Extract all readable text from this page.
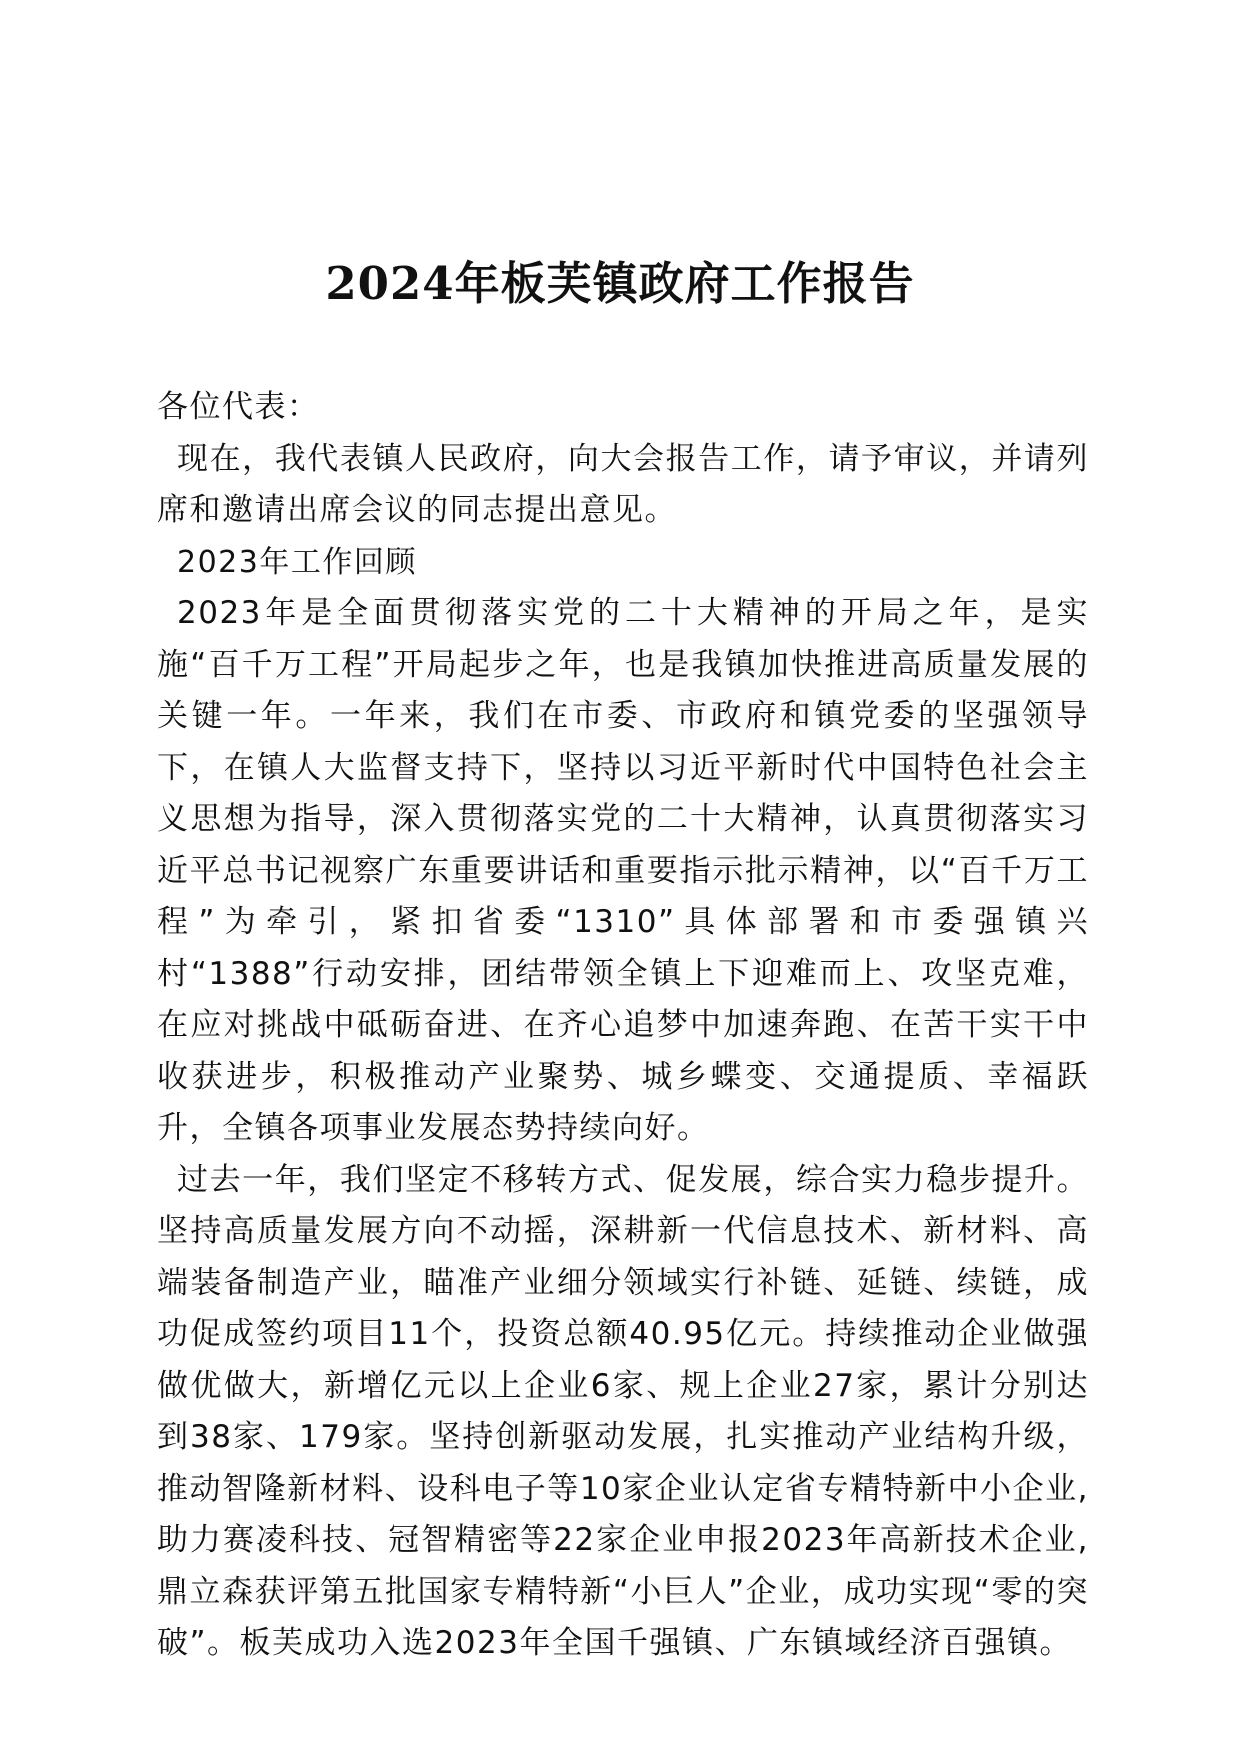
2024年板芙镇政府工作报告

各位代表：

现在，我代表镇人民政府，向大会报告工作，请予审议，并请列席和邀请出席会议的同志提出意见。

2023年工作回顾

2023年是全面贯彻落实党的二十大精神的开局之年，是实施“百千万工程”开局起步之年，也是我镇加快推进高质量发展的关键一年。一年来，我们在市委、市政府和镇党委的坚强领导下，在镇人大监督支持下，坚持以习近平新时代中国特色社会主义思想为指导，深入贯彻落实党的二十大精神，认真贯彻落实习近平总书记视察广东重要讲话和重要指示批示精神，以“百千万工程”为牵引，紧扣省委“1310”具体部署和市委强镇兴村“1388”行动安排，团结带领全镇上下迎难而上、攻坚克难，在应对挑战中砥砺奋进、在齐心追梦中加速奔跑、在苦干实干中收获进步，积极推动产业聚势、城乡蝶变、交通提质、幸福跃升，全镇各项事业发展态势持续向好。

过去一年，我们坚定不移转方式、促发展，综合实力稳步提升。坚持高质量发展方向不动摇，深耕新一代信息技术、新材料、高端装备制造产业，瞄准产业细分领域实行补链、延链、续链，成功促成签约项目11个，投资总额40.95亿元。持续推动企业做强做优做大，新增亿元以上企业6家、规上企业27家，累计分别达到38家、179家。坚持创新驱动发展，扎实推动产业结构升级，推动智隆新材料、设科电子等10家企业认定省专精特新中小企业,助力赛凌科技、冠智精密等22家企业申报2023年高新技术企业,鼎立森获评第五批国家专精特新“小巨人”企业，成功实现“零的突破”。板芙成功入选2023年全国千强镇、广东镇域经济百强镇。
